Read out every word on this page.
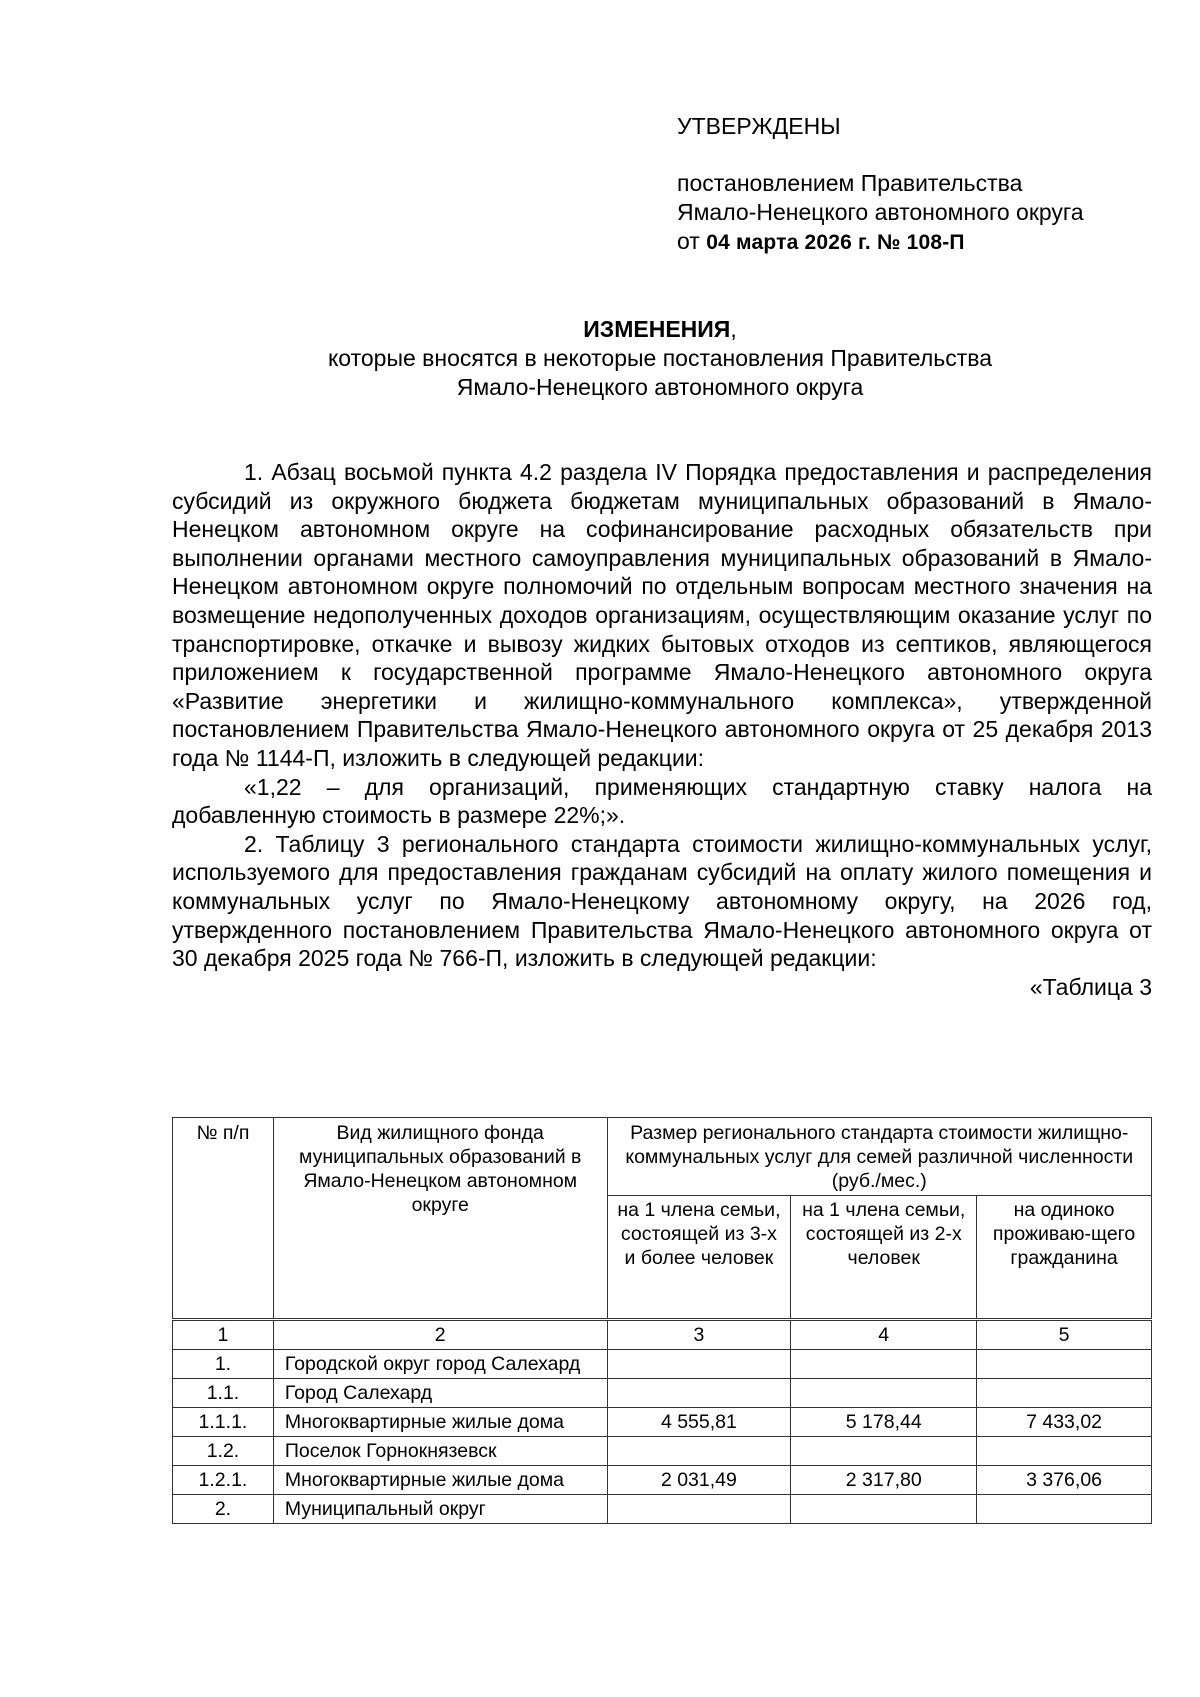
УТВЕРЖДЕНЫ

постановлением Правительства

Ямало-Ненецкого автономного округа

от 04 марта 2026 г. № 108-П

ИЗМЕНЕНИЯ,

которые вносятся в некоторые постановления Правительства

Ямало-Ненецкого автономного округа

1. Абзац восьмой пункта 4.2 раздела IV Порядка предоставления и распределения субсидий из окружного бюджета бюджетам муниципальных образований в Ямало-Ненецком автономном округе на софинансирование расходных обязательств при выполнении органами местного самоуправления муниципальных образований в Ямало-Ненецком автономном округе полномочий по отдельным вопросам местного значения на возмещение недополученных доходов организациям, осуществляющим оказание услуг по транспортировке, откачке и вывозу жидких бытовых отходов из септиков, являющегося приложением к государственной программе Ямало-Ненецкого автономного округа «Развитие энергетики и жилищно-коммунального комплекса», утвержденной постановлением Правительства Ямало-Ненецкого автономного округа от 25 декабря 2013 года № 1144-П, изложить в следующей редакции:

«1,22 – для организаций, применяющих стандартную ставку налога на добавленную стоимость в размере 22%;».

2. Таблицу 3 регионального стандарта стоимости жилищно-коммунальных услуг, используемого для предоставления гражданам субсидий на оплату жилого помещения и коммунальных услуг по Ямало-Ненецкому автономному округу, на 2026 год, утвержденного постановлением Правительства Ямало-Ненецкого автономного округа от 30 декабря 2025 года № 766-П, изложить в следующей редакции:

«Таблица 3

№ п/п	Вид жилищного фонда муниципальных образований в Ямало-Ненецком автономном округе	Размер регионального стандарта стоимости жилищно-коммунальных услуг для семей различной численности (руб./мес.)		
		на 1 члена семьи, состоящей из 3-х и более человек	на 1 члена семьи, состоящей из 2-х человек	на одиноко проживаю-щего гражданина
1	2	3	4	5
1.	Городской округ город Салехард			
1.1.	Город Салехард			
1.1.1.	Многоквартирные жилые дома	4 555,81	5 178,44	7 433,02
1.2.	Поселок Горнокнязевск			
1.2.1.	Многоквартирные жилые дома	2 031,49	2 317,80	3 376,06
2.	Муниципальный округ			
